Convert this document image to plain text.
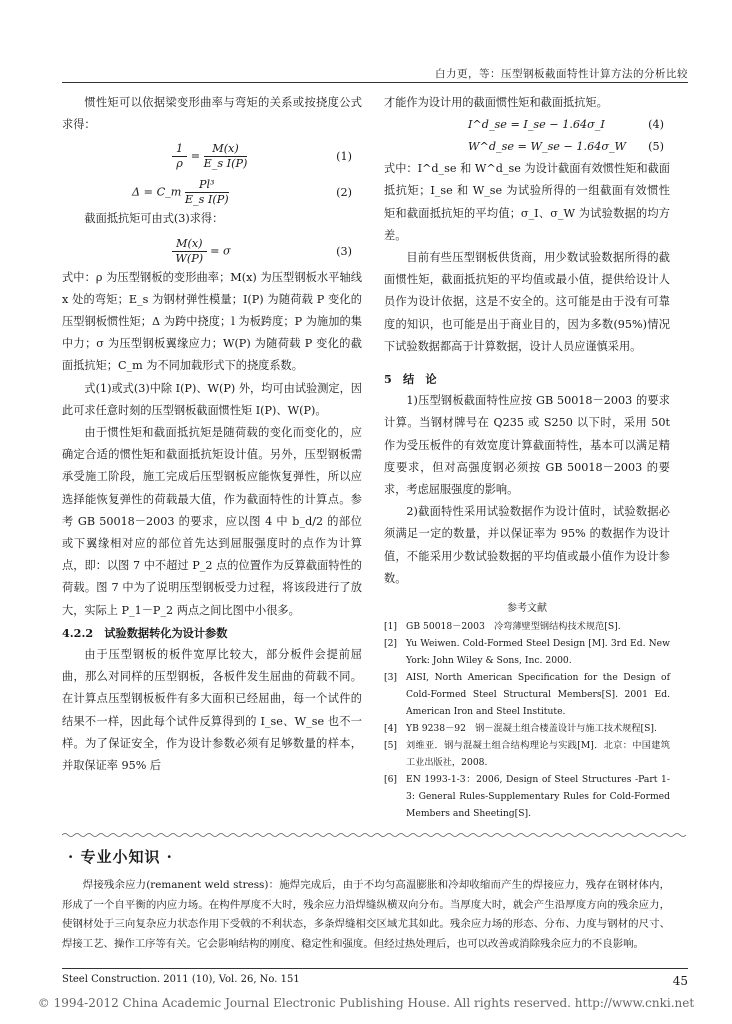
白力更，等：压型钢板截面特性计算方法的分析比较

惯性矩可以依据梁变形曲率与弯矩的关系或按挠度公式求得：

$\frac{1}{\rho} = \frac{M(x)}{\text{E\_s I(P)}}$	(1)
Δ = C_m $\frac{\text{Pl³}}{\text{E\_s I(P)}}$	(2)

截面抵抗矩可由式(3)求得：

$\frac{M(x)}{W(P)} = \sigma$	(3)

式中：ρ 为压型钢板的变形曲率；M(x) 为压型钢板水平轴线 x 处的弯矩；E_s 为钢材弹性模量；I(P) 为随荷载 P 变化的压型钢板惯性矩；Δ 为跨中挠度；l 为板跨度；P 为施加的集中力；σ 为压型钢板翼缘应力；W(P) 为随荷载 P 变化的截面抵抗矩；C_m 为不同加载形式下的挠度系数。

式(1)或式(3)中除 I(P)、W(P) 外，均可由试验测定，因此可求任意时刻的压型钢板截面惯性矩 I(P)、W(P)。

由于惯性矩和截面抵抗矩是随荷载的变化而变化的，应确定合适的惯性矩和截面抵抗矩设计值。另外，压型钢板需承受施工阶段，施工完成后压型钢板应能恢复弹性，所以应选择能恢复弹性的荷载最大值，作为截面特性的计算点。参考 GB 50018－2003 的要求，应以图 4 中 b_d/2 的部位或下翼缘相对应的部位首先达到屈服强度时的点作为计算点，即：以图 7 中不超过 P_2 点的位置作为反算截面特性的荷载。图 7 中为了说明压型钢板受力过程，将该段进行了放大，实际上 P_1－P_2 两点之间比图中小很多。

4.2.2　试验数据转化为设计参数

由于压型钢板的板件宽厚比较大，部分板件会提前屈曲，那么对同样的压型钢板，各板件发生屈曲的荷载不同。在计算点压型钢板板件有多大面积已经屈曲，每一个试件的结果不一样，因此每个试件反算得到的 I_se、W_se 也不一样。为了保证安全，作为设计参数必须有足够数量的样本，并取保证率 95% 后

才能作为设计用的截面惯性矩和截面抵抗矩。

I^d_se = I_se − 1.64σ_I	(4)
W^d_se = W_se − 1.64σ_W (5)

式中：I^d_se 和 W^d_se 为设计截面有效惯性矩和截面抵抗矩；I_se 和 W_se 为试验所得的一组截面有效惯性矩和截面抵抗矩的平均值；σ_I、σ_W 为试验数据的均方差。

目前有些压型钢板供货商，用少数试验数据所得的截面惯性矩，截面抵抗矩的平均值或最小值，提供给设计人员作为设计依据，这是不安全的。这可能是由于没有可靠度的知识，也可能是出于商业目的，因为多数(95%)情况下试验数据都高于计算数据，设计人员应谨慎采用。

5　结　论

1)压型钢板截面特性应按 GB 50018－2003 的要求计算。当钢材牌号在 Q235 或 S250 以下时，采用 50t 作为受压板件的有效宽度计算截面特性，基本可以满足精度要求，但对高强度钢必须按 GB 50018－2003 的要求，考虑屈服强度的影响。

2)截面特性采用试验数据作为设计值时，试验数据必须满足一定的数量，并以保证率为 95% 的数据作为设计值，不能采用少数试验数据的平均值或最小值作为设计参数。

参考文献
[1] GB 50018－2003　冷弯薄壁型钢结构技术规范[S].
[2] Yu Weiwen. Cold-Formed Steel Design [M]. 3rd Ed. New York: John Wiley & Sons, Inc. 2000.
[3] AISI, North American Specification for the Design of Cold-Formed Steel Structural Members[S]. 2001 Ed. American Iron and Steel Institute.
[4] YB 9238－92　钢－混凝土组合楼盖设计与施工技术规程[S].
[5] 刘维亚．钢与混凝土组合结构理论与实践[M]．北京：中国建筑工业出版社，2008.
[6] EN 1993-1-3：2006, Design of Steel Structures -Part 1-3: General Rules-Supplementary Rules for Cold-Formed Members and Sheeting[S].
· 专业小知识 ·

焊接残余应力(remanent weld stress)：施焊完成后，由于不均匀高温膨胀和冷却收缩而产生的焊接应力，残存在钢材体内，形成了一个自平衡的内应力场。在构件厚度不大时，残余应力沿焊缝纵横双向分布。当厚度大时，就会产生沿厚度方向的残余应力，使钢材处于三向复杂应力状态作用下受戟的不利状态，多条焊缝相交区域尤其如此。残余应力场的形态、分布、力度与钢材的尺寸、焊接工艺、操作工序等有关。它会影响结构的刚度、稳定性和强度。但经过热处理后，也可以改善或消除残余应力的不良影响。

Steel Construction. 2011 (10), Vol. 26, No. 151	45
© 1994-2012 China Academic Journal Electronic Publishing House. All rights reserved. http://www.cnki.net
